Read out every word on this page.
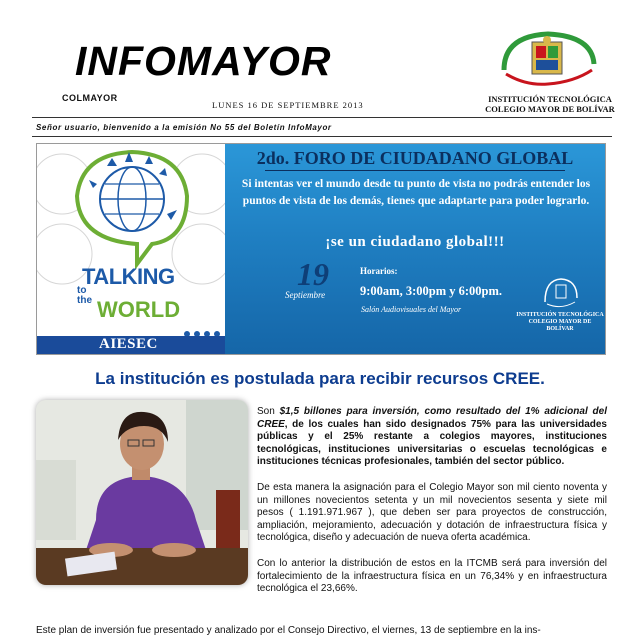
INFOMAYOR
COLMAYOR
LUNES 16 DE SEPTIEMBRE 2013
INSTITUCIÓN TECNOLÓGICA
COLEGIO MAYOR DE BOLÍVAR
Señor usuario, bienvenido a la emisión No 55 del Boletín InfoMayor
TALKING
to
the WORLD
AIESEC
2do. FORO DE CIUDADANO GLOBAL
Si intentas ver el mundo desde tu punto de vista no podrás entender los puntos de vista de los demás, tienes que adaptarte para poder lograrlo.
¡se un ciudadano global!!!
19
Septiembre
Horarios:
9:00am, 3:00pm y 6:00pm.
Salón Audiovisuales del Mayor
INSTITUCIÓN TECNOLÓGICA
COLEGIO MAYOR DE BOLÍVAR
La institución es postulada para recibir recursos CREE.

Son $1,5 billones para inversión, como resultado del 1% adicional del CREE, de los cuales han sido designados 75% para las universidades públicas y el 25% restante a colegios mayores, instituciones tecnológicas, instituciones universitarias o escuelas tecnológicas e instituciones técnicas profesionales, también del sector público.

De esta manera la asignación para el Colegio Mayor son mil ciento noventa y un millones novecientos setenta y un mil novecientos sesenta y siete mil pesos ( 1.191.971.967 ), que deben ser para proyectos de construcción, ampliación, mejoramiento, adecuación y dotación de infraestructura física y tecnológica, diseño y adecuación de nueva oferta académica.

Con lo anterior la distribución de estos en la ITCMB será para inversión del fortalecimiento de la infraestructura física en un 76,34% y en infraestructura tecnológica el 23,66%.

Este plan de inversión fue presentado y analizado por el Consejo Directivo, el viernes, 13 de septiembre en la ins-
